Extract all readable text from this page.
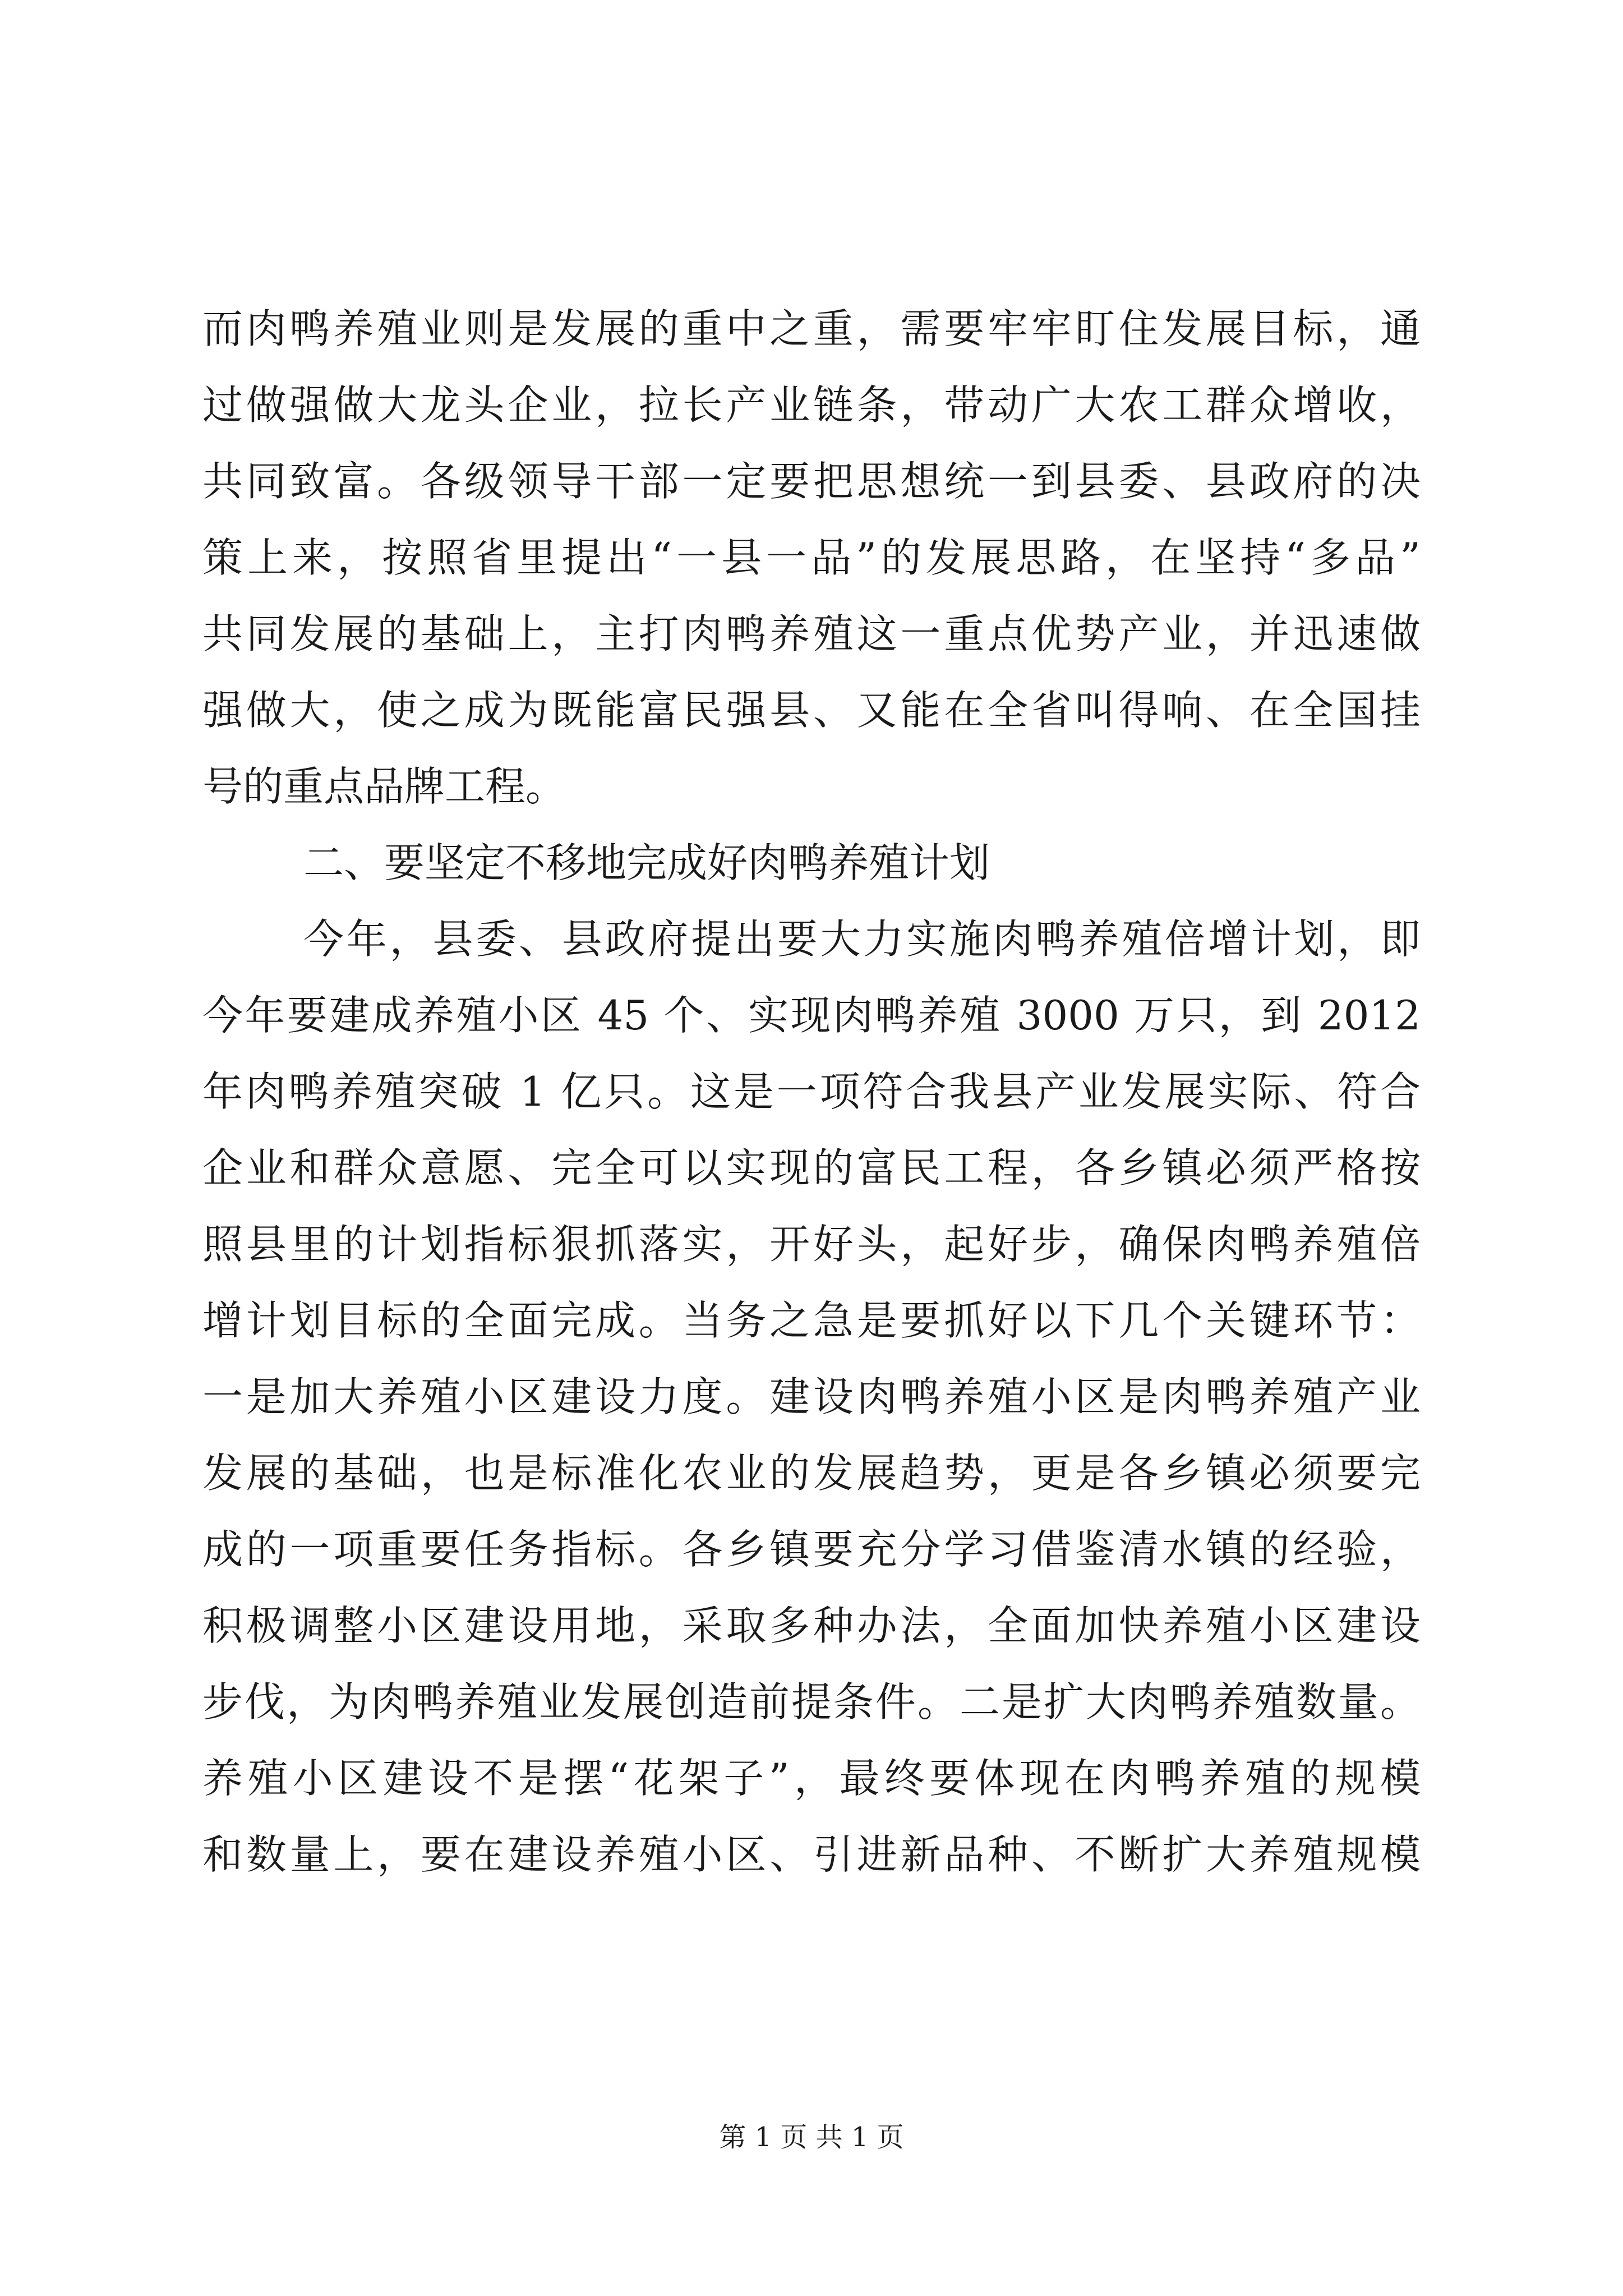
而肉鸭养殖业则是发展的重中之重，需要牢牢盯住发展目标，通
过做强做大龙头企业，拉长产业链条，带动广大农工群众增收，
共同致富。各级领导干部一定要把思想统一到县委、县政府的决
策上来，按照省里提出“一县一品”的发展思路，在坚持“多品”
共同发展的基础上，主打肉鸭养殖这一重点优势产业，并迅速做
强做大，使之成为既能富民强县、又能在全省叫得响、在全国挂
号的重点品牌工程。
二、要坚定不移地完成好肉鸭养殖计划
今年，县委、县政府提出要大力实施肉鸭养殖倍增计划，即
今年要建成养殖小区 45 个、实现肉鸭养殖 3000 万只，到 2012
年肉鸭养殖突破 1 亿只。这是一项符合我县产业发展实际、符合
企业和群众意愿、完全可以实现的富民工程，各乡镇必须严格按
照县里的计划指标狠抓落实，开好头，起好步，确保肉鸭养殖倍
增计划目标的全面完成。当务之急是要抓好以下几个关键环节：
一是加大养殖小区建设力度。建设肉鸭养殖小区是肉鸭养殖产业
发展的基础，也是标准化农业的发展趋势，更是各乡镇必须要完
成的一项重要任务指标。各乡镇要充分学习借鉴清水镇的经验，
积极调整小区建设用地，采取多种办法，全面加快养殖小区建设
步伐，为肉鸭养殖业发展创造前提条件。二是扩大肉鸭养殖数量。
养殖小区建设不是摆“花架子”，最终要体现在肉鸭养殖的规模
和数量上，要在建设养殖小区、引进新品种、不断扩大养殖规模
第 1 页 共 1 页
